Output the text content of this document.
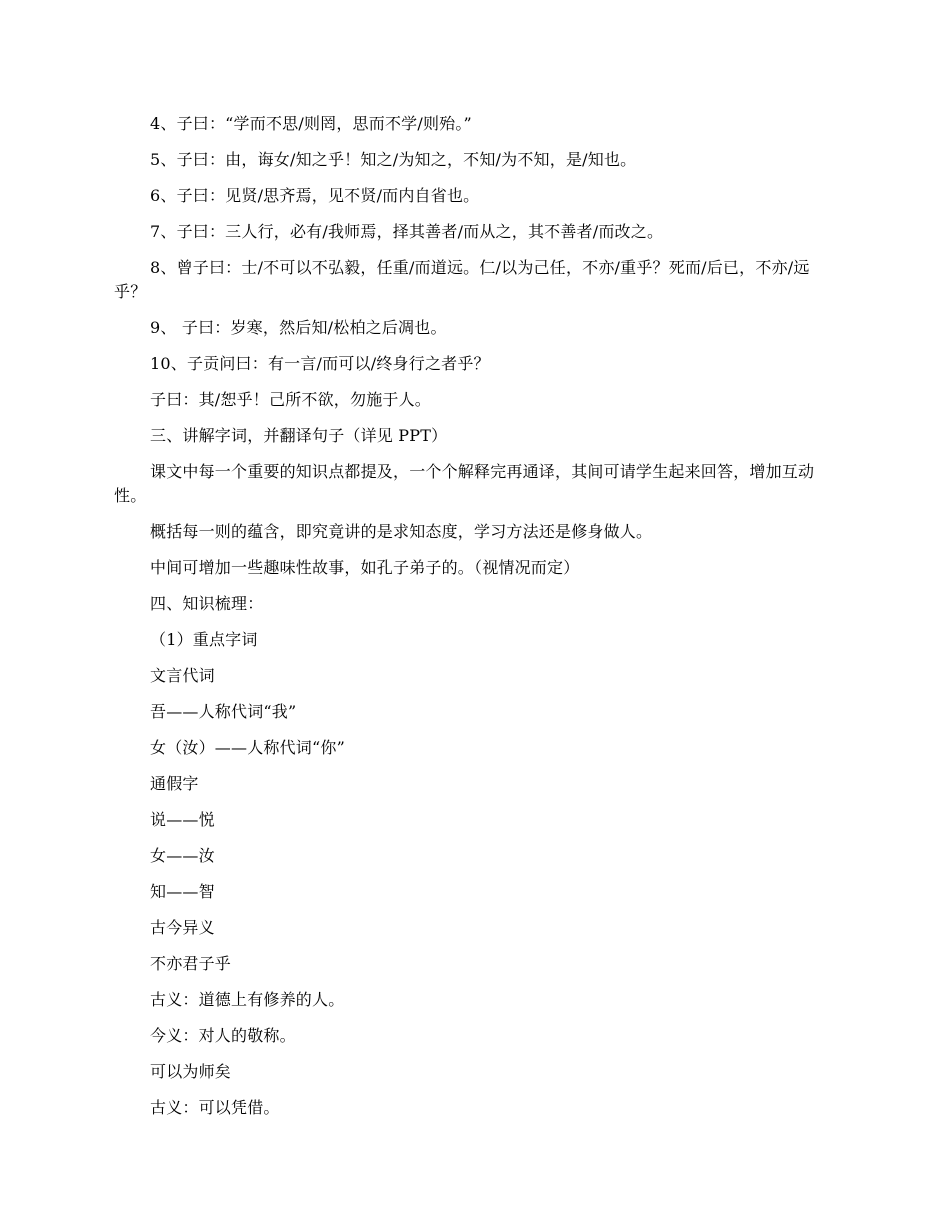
4、子曰：“学而不思/则罔，思而不学/则殆。”

5、子曰：由，诲女/知之乎！知之/为知之，不知/为不知，是/知也。

6、子曰：见贤/思齐焉，见不贤/而内自省也。

7、子曰：三人行，必有/我师焉，择其善者/而从之，其不善者/而改之。

8、曾子曰：士/不可以不弘毅，任重/而道远。仁/以为己任，不亦/重乎？死而/后已，不亦/远乎？

9、 子曰：岁寒，然后知/松柏之后凋也。

10、子贡问曰：有一言/而可以/终身行之者乎？

子曰：其/恕乎！己所不欲，勿施于人。

三、讲解字词，并翻译句子（详见 PPT）

课文中每一个重要的知识点都提及，一个个解释完再通译，其间可请学生起来回答，增加互动性。

概括每一则的蕴含，即究竟讲的是求知态度，学习方法还是修身做人。

中间可增加一些趣味性故事，如孔子弟子的。（视情况而定）

四、知识梳理：

（1）重点字词

文言代词

吾——人称代词“我”

女（汝）——人称代词“你”

通假字

说——悦

女——汝

知——智

古今异义

不亦君子乎

古义：道德上有修养的人。

今义：对人的敬称。

可以为师矣

古义：可以凭借。
